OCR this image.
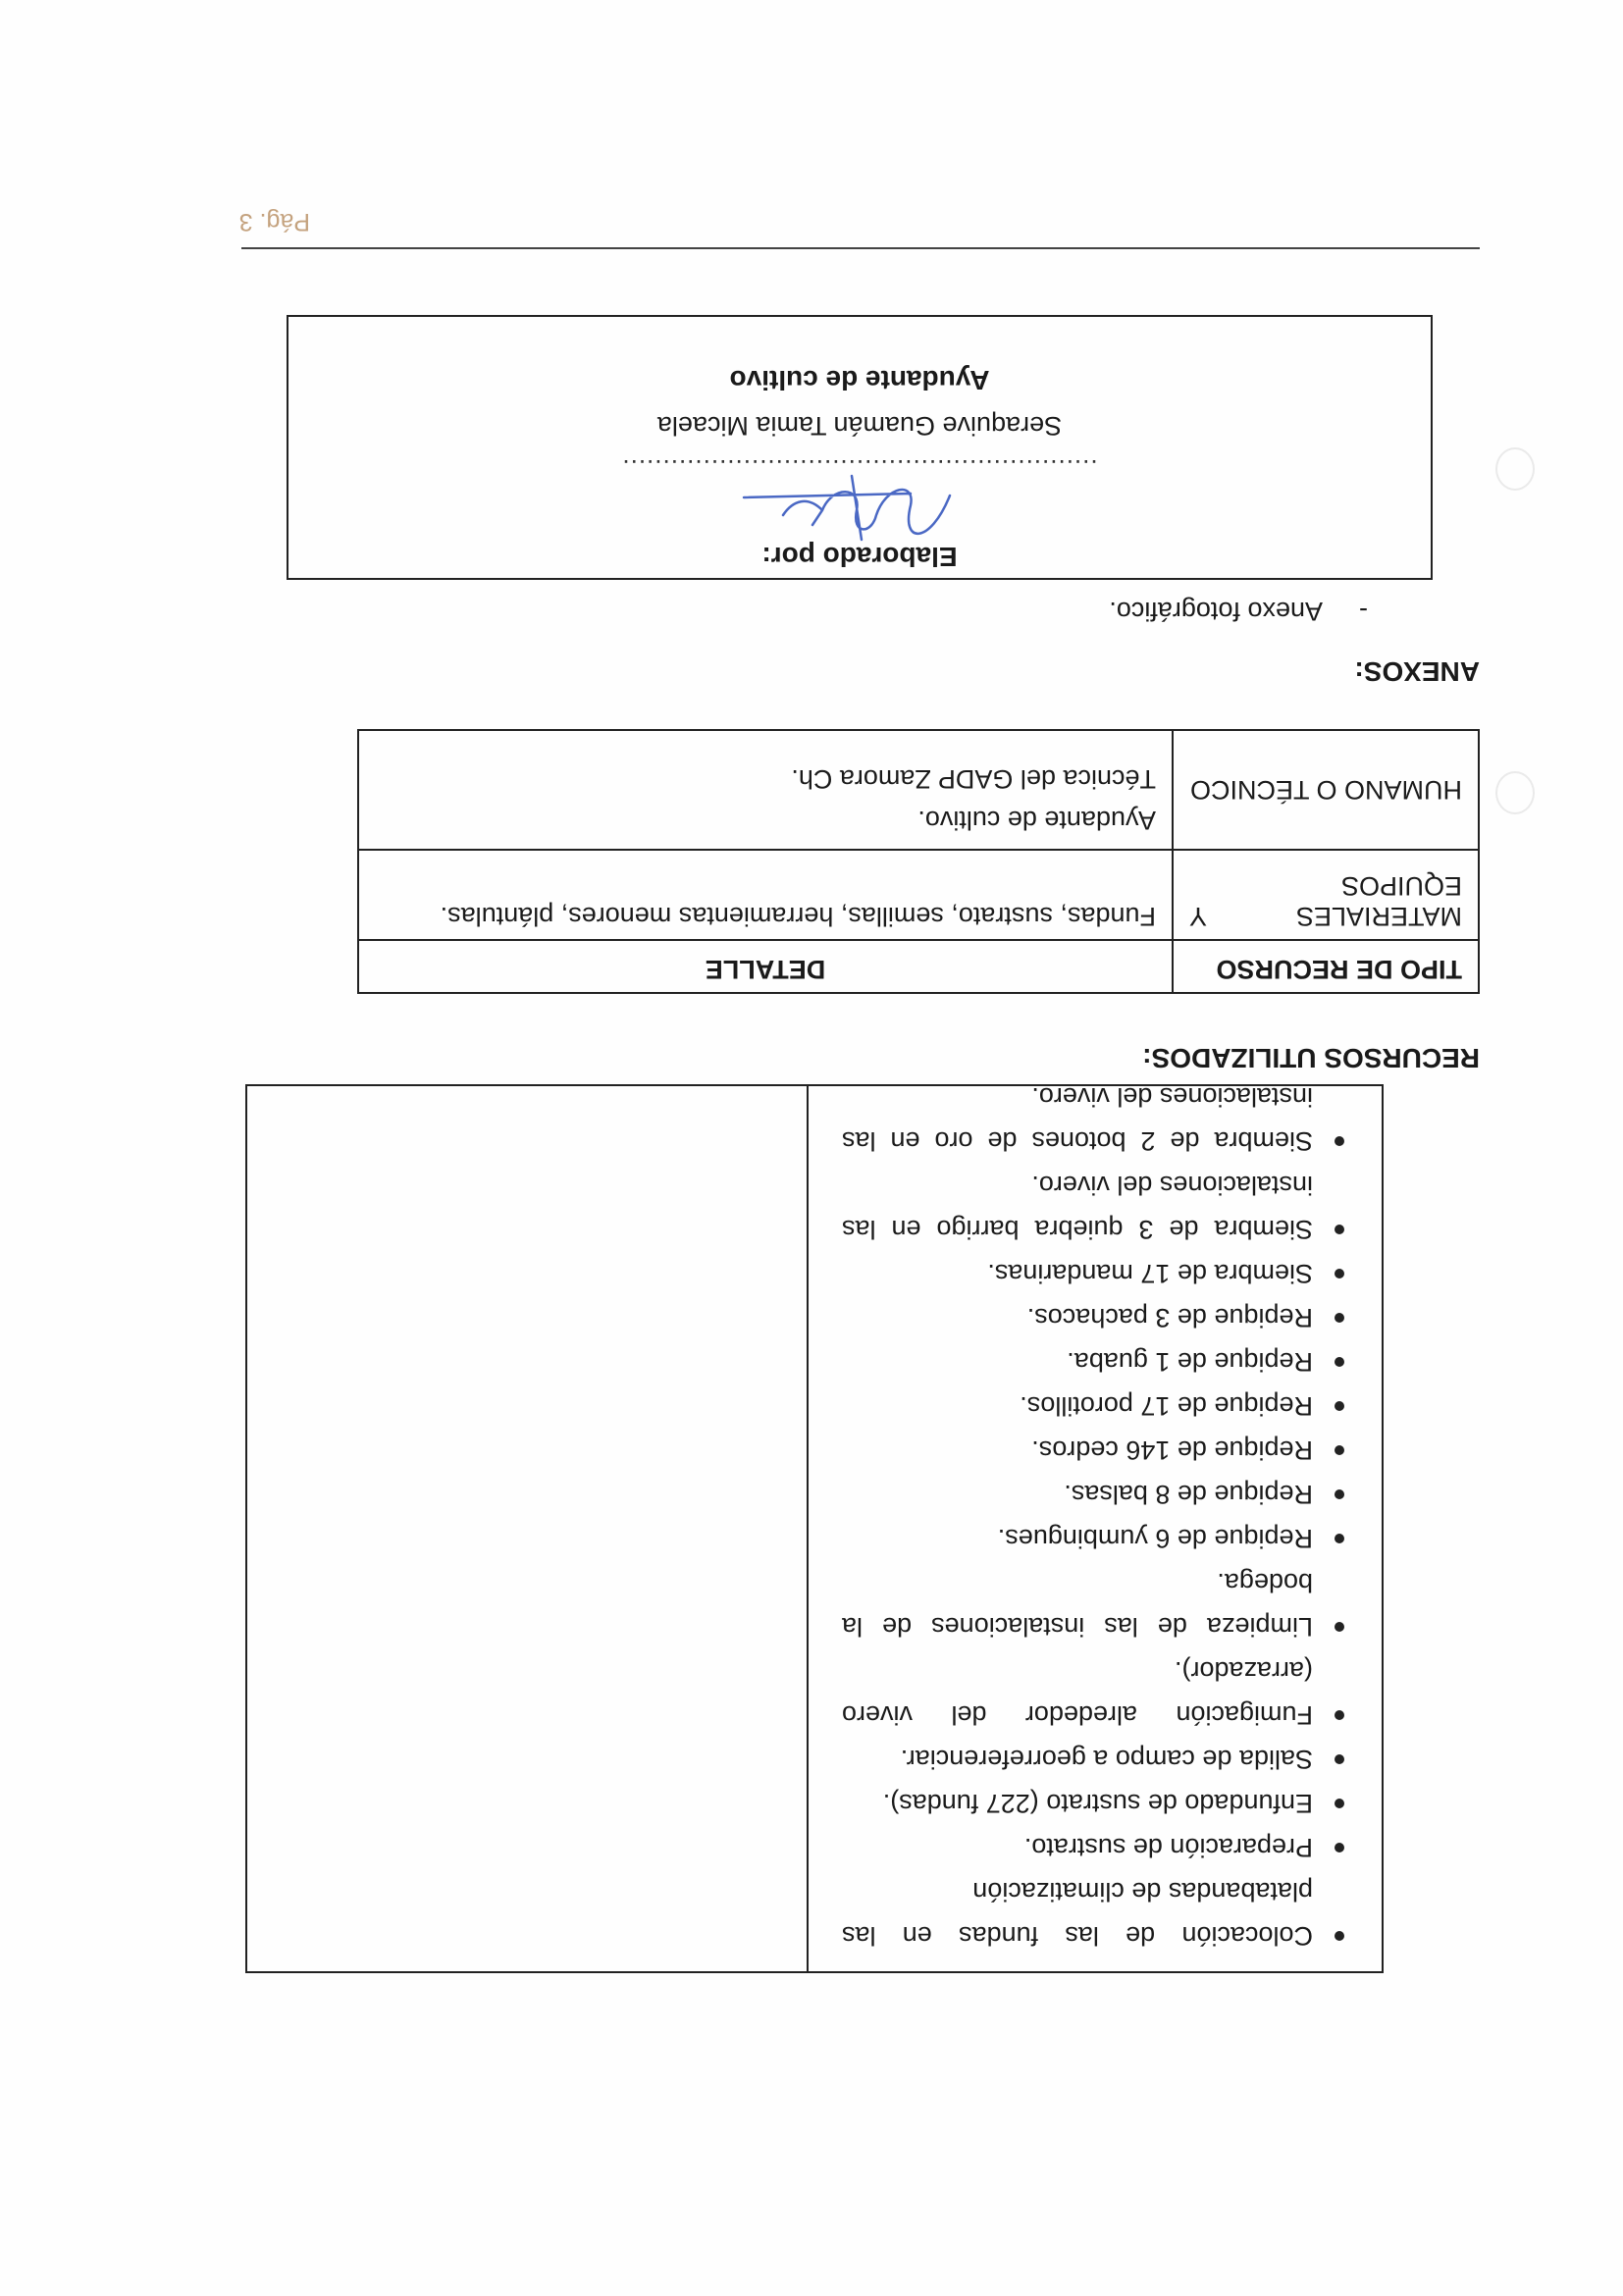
Colocación de las fundas en las platabandas de climatización
Preparación de sustrato.
Enfundado de sustrato (227 fundas).
Salida de campo a georreferenciar.
Fumigación alrededor del vivero (arrazador).
Limpieza de las instalaciones de la bodega.
Repique de 6 yumbingues.
Repique de 8 balsas.
Repique de 146 cedros.
Repique de 17 porotillos.
Repique de 1 guaba.
Repique de 3 pachacos.
Siembra de 17 mandarinas.
Siembra de 3 quiebra barrigo en las instalaciones del vivero.
Siembra de 2 botones de oro en las instalaciones del vivero.
RECURSOS UTILIZADOS:
TIPO DE RECURSO	DETALLE

MATERIALES
Y
EQUIPOS	Fundas, sustrato, semillas, herramientas menores, plántulas.

HUMANO O TÉCNICO	Ayudante de cultivo.
Técnica del GADP Zamora Ch.
ANEXOS:
-Anexo fotográfico.
Elaborado por:
...........................................................
Seraquive Guamán Tamia Micaela
Ayudante de cultivo
Pág. 3
